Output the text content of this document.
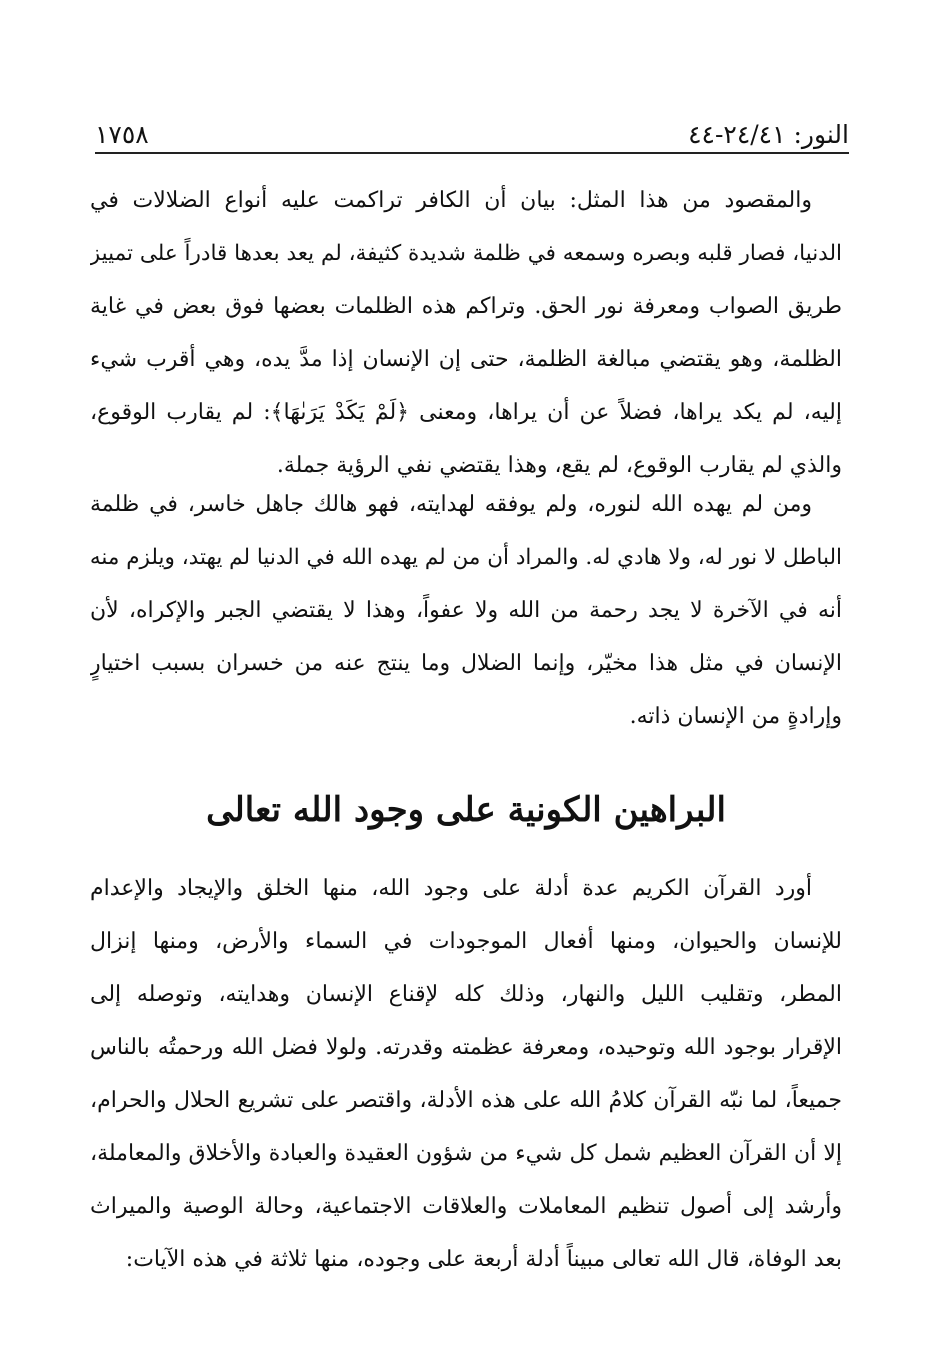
النور: ٢٤/٤١-٤٤
١٧٥٨
والمقصود من هذا المثل: بيان أن الكافر تراكمت عليه أنواع الضلالات في
الدنيا، فصار قلبه وبصره وسمعه في ظلمة شديدة كثيفة، لم يعد بعدها قادراً على تمييز
طريق الصواب ومعرفة نور الحق. وتراكم هذه الظلمات بعضها فوق بعض في غاية
الظلمة، وهو يقتضي مبالغة الظلمة، حتى إن الإنسان إذا مدَّ يده، وهي أقرب شيء
إليه، لم يكد يراها، فضلاً عن أن يراها، ومعنى ﴿لَمْ يَكَدْ يَرَىٰهَا﴾: لم يقارب الوقوع،
والذي لم يقارب الوقوع، لم يقع، وهذا يقتضي نفي الرؤية جملة.
ومن لم يهده الله لنوره، ولم يوفقه لهدايته، فهو هالك جاهل خاسر، في ظلمة
الباطل لا نور له، ولا هادي له. والمراد أن من لم يهده الله في الدنيا لم يهتد، ويلزم منه
أنه في الآخرة لا يجد رحمة من الله ولا عفواً، وهذا لا يقتضي الجبر والإكراه، لأن
الإنسان في مثل هذا مخيّر، وإنما الضلال وما ينتج عنه من خسران بسبب اختيارٍ
وإرادةٍ من الإنسان ذاته.
البراهين الكونية على وجود الله تعالى
أورد القرآن الكريم عدة أدلة على وجود الله، منها الخلق والإيجاد والإعدام
للإنسان والحيوان، ومنها أفعال الموجودات في السماء والأرض، ومنها إنزال
المطر، وتقليب الليل والنهار، وذلك كله لإقناع الإنسان وهدايته، وتوصله إلى
الإقرار بوجود الله وتوحيده، ومعرفة عظمته وقدرته. ولولا فضل الله ورحمتُه بالناس
جميعاً، لما نبّه القرآن كلامُ الله على هذه الأدلة، واقتصر على تشريع الحلال والحرام،
إلا أن القرآن العظيم شمل كل شيء من شؤون العقيدة والعبادة والأخلاق والمعاملة،
وأرشد إلى أصول تنظيم المعاملات والعلاقات الاجتماعية، وحالة الوصية والميراث
بعد الوفاة، قال الله تعالى مبيناً أدلة أربعة على وجوده، منها ثلاثة في هذه الآيات:
